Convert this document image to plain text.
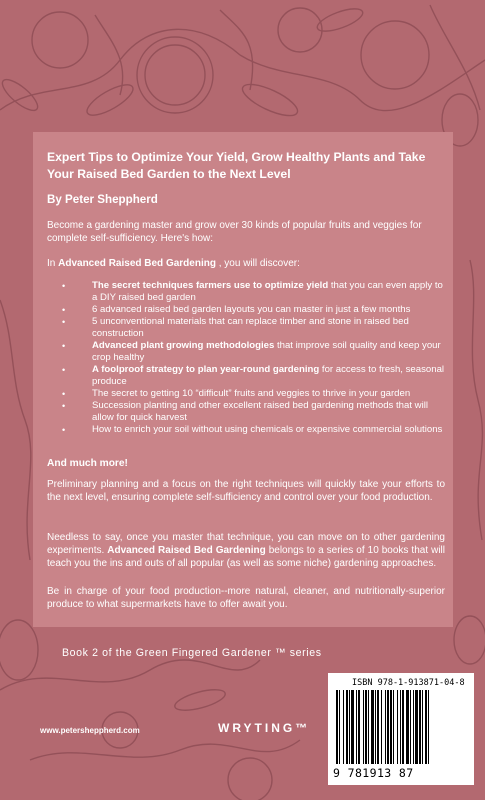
Expert Tips to Optimize Your Yield, Grow Healthy Plants and Take Your Raised Bed Garden to the Next Level
By Peter Sheppherd
Become a gardening master and grow over 30 kinds of popular fruits and veggies for complete self-sufficiency. Here's how:
In Advanced Raised Bed Gardening , you will discover:
• The secret techniques farmers use to optimize yield that you can even apply to a DIY raised bed garden
• 6 advanced raised bed garden layouts you can master in just a few months
• 5 unconventional materials that can replace timber and stone in raised bed construction
• Advanced plant growing methodologies that improve soil quality and keep your crop healthy
• A foolproof strategy to plan year-round gardening for access to fresh, seasonal produce
• The secret to getting 10 “difficult” fruits and veggies to thrive in your garden
• Succession planting and other excellent raised bed gardening methods that will allow for quick harvest
• How to enrich your soil without using chemicals or expensive commercial solutions
And much more!
Preliminary planning and a focus on the right techniques will quickly take your efforts to the next level, ensuring complete self-sufficiency and control over your food production.
Needless to say, once you master that technique, you can move on to other gardening experiments. Advanced Raised Bed Gardening belongs to a series of 10 books that will teach you the ins and outs of all popular (as well as some niche) gardening approaches.
Be in charge of your food production--more natural, cleaner, and nutritionally-superior produce to what supermarkets have to offer await you.
Book 2 of the Green Fingered Gardener ™ series
www.petersheppherd.com	WRYTING™
ISBN 978-1-913871-04-8
9 781913 87
